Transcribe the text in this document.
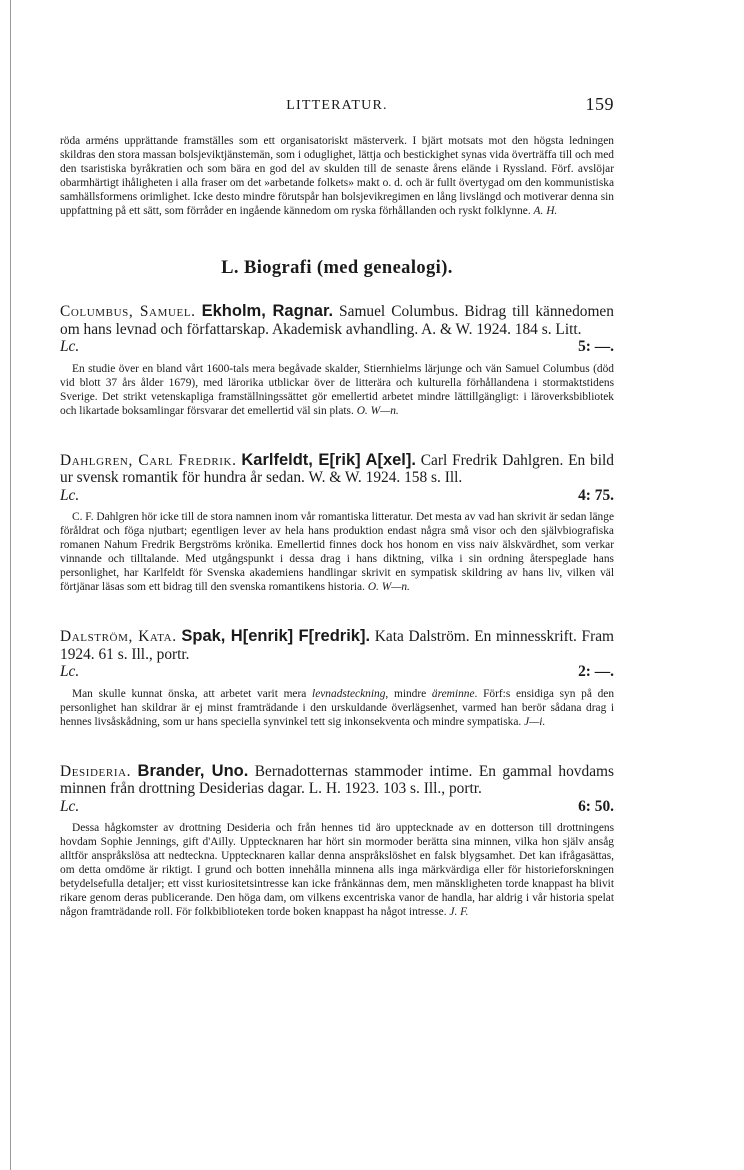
LITTERATUR.	159

röda arméns upprättande framställes som ett organisatoriskt mästerverk. I bjärt motsats mot den högsta ledningen skildras den stora massan bolsjeviktjänstemän, som i oduglighet, lättja och bestickighet synas vida överträffa till och med den tsaristiska byråkratien och som bära en god del av skulden till de senaste årens elände i Ryssland. Förf. avslöjar obarmhärtigt ihåligheten i alla fraser om det »arbetande folkets» makt o. d. och är fullt övertygad om den kommunistiska samhällsformens orimlighet. Icke desto mindre förutspår han bolsjevikregimen en lång livslängd och motiverar denna sin uppfattning på ett sätt, som förråder en ingående kännedom om ryska förhållanden och ryskt folklynne. A. H.

L. Biografi (med genealogi).

Columbus, Samuel. Ekholm, Ragnar. Samuel Columbus. Bidrag till kännedomen om hans levnad och författarskap. Akademisk avhandling. A. & W. 1924. 184 s. Litt.
Lc.	5: —.

En studie över en bland vårt 1600-tals mera begåvade skalder, Stiernhielms lärjunge och vän Samuel Columbus (död vid blott 37 års ålder 1679), med lärorika utblickar över de litterära och kulturella förhållandena i stormaktstidens Sverige. Det strikt vetenskapliga framställningssättet gör emellertid arbetet mindre lättillgängligt: i läroverksbibliotek och likartade boksamlingar försvarar det emellertid väl sin plats. O. W—n.

Dahlgren, Carl Fredrik. Karlfeldt, E[rik] A[xel]. Carl Fredrik Dahlgren. En bild ur svensk romantik för hundra år sedan. W. & W. 1924. 158 s. Ill.
Lc.	4: 75.

C. F. Dahlgren hör icke till de stora namnen inom vår romantiska litteratur. Det mesta av vad han skrivit är sedan länge föråldrat och föga njutbart; egentligen lever av hela hans produktion endast några små visor och den självbiografiska romanen Nahum Fredrik Bergströms krönika. Emellertid finnes dock hos honom en viss naiv älskvärdhet, som verkar vinnande och tilltalande. Med utgångspunkt i dessa drag i hans diktning, vilka i sin ordning återspeglade hans personlighet, har Karlfeldt för Svenska akademiens handlingar skrivit en sympatisk skildring av hans liv, vilken väl förtjänar läsas som ett bidrag till den svenska romantikens historia. O. W—n.

Dalström, Kata. Spak, H[enrik] F[redrik]. Kata Dalström. En minnesskrift. Fram 1924. 61 s. Ill., portr.
Lc.	2: —.

Man skulle kunnat önska, att arbetet varit mera levnadsteckning, mindre äreminne. Förf:s ensidiga syn på den personlighet han skildrar är ej minst framträdande i den urskuldande överlägsenhet, varmed han berör sådana drag i hennes livsåskådning, som ur hans speciella synvinkel tett sig inkonsekventa och mindre sympatiska. J—i.

Desideria. Brander, Uno. Bernadotternas stammoder intime. En gammal hovdams minnen från drottning Desiderias dagar. L. H. 1923. 103 s. Ill., portr.
Lc.	6: 50.

Dessa hågkomster av drottning Desideria och från hennes tid äro upptecknade av en dotterson till drottningens hovdam Sophie Jennings, gift d'Ailly. Upptecknaren har hört sin mormoder berätta sina minnen, vilka hon själv ansåg alltför anspråkslösa att nedteckna. Upptecknaren kallar denna anspråkslöshet en falsk blygsamhet. Det kan ifrågasättas, om detta omdöme är riktigt. I grund och botten innehålla minnena alls inga märkvärdiga eller för historieforskningen betydelsefulla detaljer; ett visst kuriositetsintresse kan icke frånkännas dem, men mänskligheten torde knappast ha blivit rikare genom deras publicerande. Den höga dam, om vilkens excentriska vanor de handla, har aldrig i vår historia spelat någon framträdande roll. För folkbiblioteken torde boken knappast ha något intresse. J. F.
